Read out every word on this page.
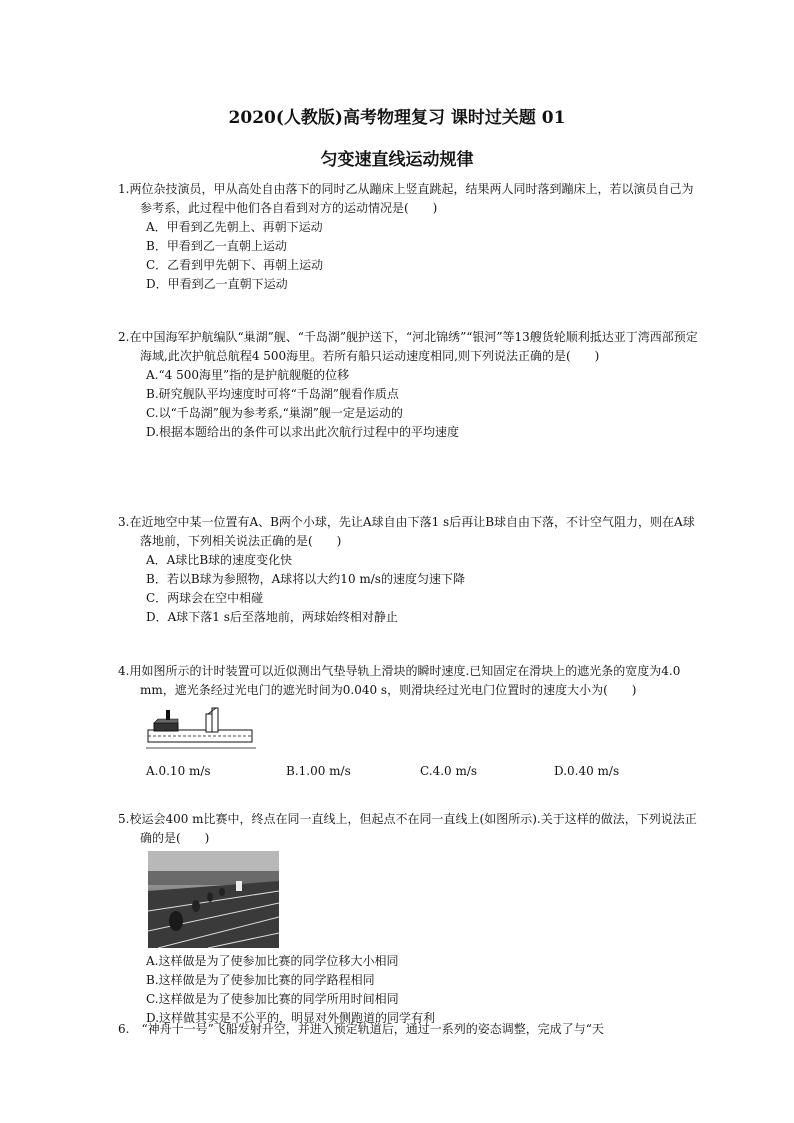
2020(人教版)高考物理复习 课时过关题 01
匀变速直线运动规律
1.两位杂技演员，甲从高处自由落下的同时乙从蹦床上竖直跳起，结果两人同时落到蹦床上，若以演员自己为参考系，此过程中他们各自看到对方的运动情况是(　　)
A．甲看到乙先朝上、再朝下运动
B．甲看到乙一直朝上运动
C．乙看到甲先朝下、再朝上运动
D．甲看到乙一直朝下运动
2.在中国海军护航编队“巢湖”舰、“千岛湖”舰护送下，“河北锦绣”“银河”等13艘货轮顺利抵达亚丁湾西部预定海域,此次护航总航程4 500海里。若所有船只运动速度相同,则下列说法正确的是(　　)
A.“4 500海里”指的是护航舰艇的位移
B.研究舰队平均速度时可将“千岛湖”舰看作质点
C.以“千岛湖”舰为参考系,“巢湖”舰一定是运动的
D.根据本题给出的条件可以求出此次航行过程中的平均速度
3.在近地空中某一位置有A、B两个小球，先让A球自由下落1 s后再让B球自由下落，不计空气阻力，则在A球落地前，下列相关说法正确的是(　　)
A．A球比B球的速度变化快
B．若以B球为参照物，A球将以大约10 m/s的速度匀速下降
C．两球会在空中相碰
D．A球下落1 s后至落地前，两球始终相对静止
4.用如图所示的计时装置可以近似测出气垫导轨上滑块的瞬时速度.已知固定在滑块上的遮光条的宽度为4.0 mm，遮光条经过光电门的遮光时间为0.040 s，则滑块经过光电门位置时的速度大小为(　　)
A.0.10 m/s	B.1.00 m/s	C.4.0 m/s	D.0.40 m/s
5.校运会400 m比赛中，终点在同一直线上，但起点不在同一直线上(如图所示).关于这样的做法，下列说法正确的是(　　)
A.这样做是为了使参加比赛的同学位移大小相同
B.这样做是为了使参加比赛的同学路程相同
C.这样做是为了使参加比赛的同学所用时间相同
D.这样做其实是不公平的，明显对外侧跑道的同学有利
6.　“神舟十一号”飞船发射升空，并进入预定轨道后，通过一系列的姿态调整，完成了与“天
